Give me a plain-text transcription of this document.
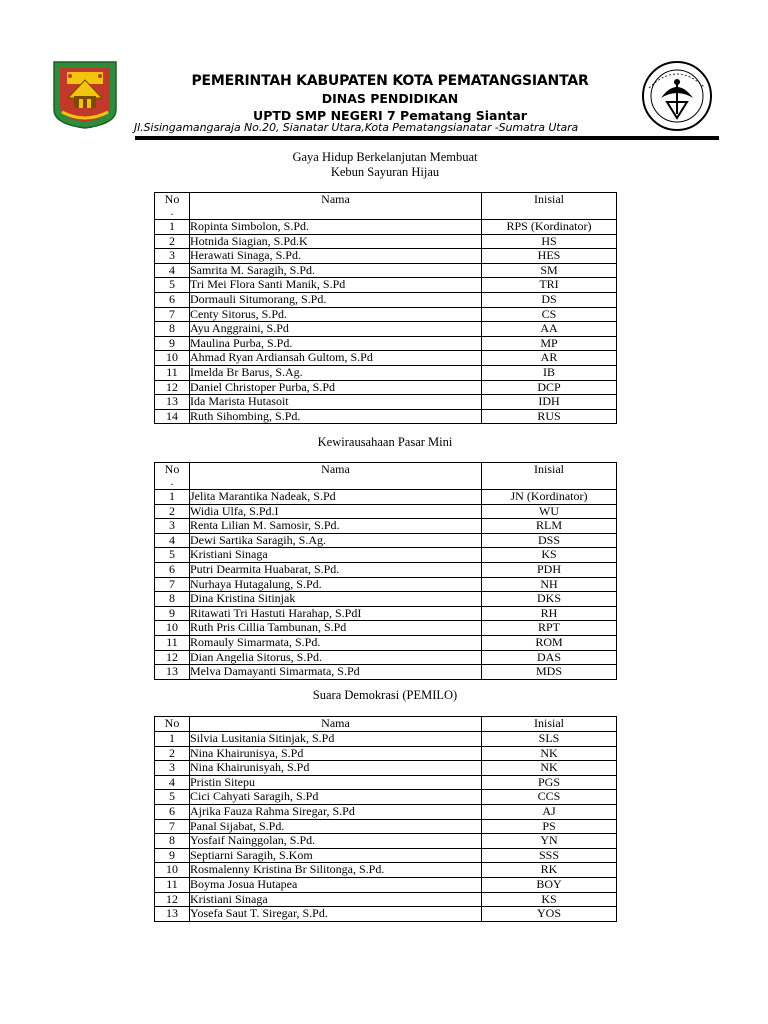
PEMERINTAH KABUPATEN KOTA PEMATANGSIANTAR
DINAS PENDIDIKAN
UPTD SMP NEGERI 7 Pematang Siantar
Jl.Sisingamangaraja No.20, Sianatar Utara,Kota Pematangsianatar -Sumatra Utara
Gaya Hidup Berkelanjutan Membuat
Kebun Sayuran Hijau
No
.	Nama	Inisial
1	Ropinta Simbolon, S.Pd.	RPS (Kordinator)
2	Hotnida Siagian, S.Pd.K	HS
3	Herawati Sinaga, S.Pd.	HES
4	Samrita M. Saragih, S.Pd.	SM
5	Tri Mei Flora Santi Manik, S.Pd	TRI
6	Dormauli Situmorang, S.Pd.	DS
7	Centy Sitorus, S.Pd.	CS
8	Ayu Anggraini, S.Pd	AA
9	Maulina Purba, S.Pd.	MP
10	Ahmad Ryan Ardiansah Gultom, S.Pd	AR
11	Imelda Br Barus, S.Ag.	IB
12	Daniel Christoper Purba, S.Pd	DCP
13	Ida Marista Hutasoit	IDH
14	Ruth Sihombing, S.Pd.	RUS
Kewirausahaan Pasar Mini
No
.	Nama	Inisial
1	Jelita Marantika Nadeak, S.Pd	JN (Kordinator)
2	Widia Ulfa, S.Pd.I	WU
3	Renta Lilian M. Samosir, S.Pd.	RLM
4	Dewi Sartika Saragih, S.Ag.	DSS
5	Kristiani Sinaga	KS
6	Putri Dearmita Huabarat, S.Pd.	PDH
7	Nurhaya Hutagalung, S.Pd.	NH
8	Dina Kristina Sitinjak	DKS
9	Ritawati Tri Hastuti Harahap, S.PdI	RH
10	Ruth Pris Cillia Tambunan, S.Pd	RPT
11	Romauly Simarmata, S.Pd.	ROM
12	Dian Angelia Sitorus, S.Pd.	DAS
13	Melva Damayanti Simarmata, S.Pd	MDS
Suara Demokrasi (PEMILO)
No	Nama	Inisial
1	Silvia Lusitania Sitinjak, S.Pd	SLS
2	Nina Khairunisya, S.Pd	NK
3	Nina Khairunisyah, S.Pd	NK
4	Pristin Sitepu	PGS
5	Cici Cahyati Saragih, S.Pd	CCS
6	Ajrika Fauza Rahma Siregar, S.Pd	AJ
7	Panal Sijabat, S.Pd.	PS
8	Yosfaif Nainggolan, S.Pd.	YN
9	Septiarni Saragih, S.Kom	SSS
10	Rosmalenny Kristina Br Silitonga, S.Pd.	RK
11	Boyma Josua Hutapea	BOY
12	Kristiani Sinaga	KS
13	Yosefa Saut T. Siregar, S.Pd.	YOS
